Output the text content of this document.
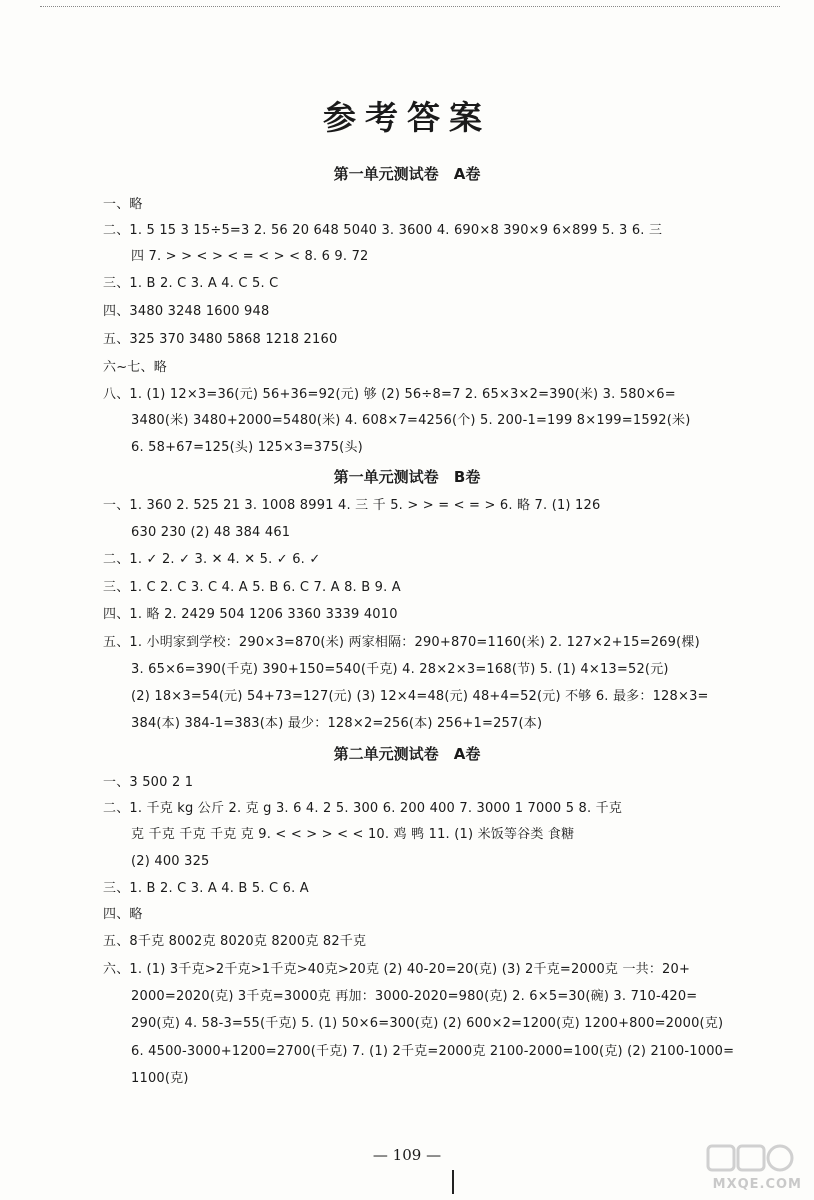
参考答案
第一单元测试卷 A卷
一、略
二、1. 5 15 3 15÷5=3 2. 56 20 648 5040 3. 3600 4. 690×8 390×9 6×899 5. 3 6. 三
四 7. > > < > < = < > < 8. 6 9. 72
三、1. B 2. C 3. A 4. C 5. C
四、3480 3248 1600 948
五、325 370 3480 5868 1218 2160
六~七、略
八、1. (1) 12×3=36(元) 56+36=92(元) 够 (2) 56÷8=7 2. 65×3×2=390(米) 3. 580×6=
3480(米) 3480+2000=5480(米) 4. 608×7=4256(个) 5. 200-1=199 8×199=1592(米)
6. 58+67=125(头) 125×3=375(头)
第一单元测试卷 B卷
一、1. 360 2. 525 21 3. 1008 8991 4. 三 千 5. > > = < = > 6. 略 7. (1) 126
630 230 (2) 48 384 461
二、1. ✓ 2. ✓ 3. ✕ 4. ✕ 5. ✓ 6. ✓
三、1. C 2. C 3. C 4. A 5. B 6. C 7. A 8. B 9. A
四、1. 略 2. 2429 504 1206 3360 3339 4010
五、1. 小明家到学校：290×3=870(米) 两家相隔：290+870=1160(米) 2. 127×2+15=269(棵)
3. 65×6=390(千克) 390+150=540(千克) 4. 28×2×3=168(节) 5. (1) 4×13=52(元)
(2) 18×3=54(元) 54+73=127(元) (3) 12×4=48(元) 48+4=52(元) 不够 6. 最多：128×3=
384(本) 384-1=383(本) 最少：128×2=256(本) 256+1=257(本)
第二单元测试卷 A卷
一、3 500 2 1
二、1. 千克 kg 公斤 2. 克 g 3. 6 4. 2 5. 300 6. 200 400 7. 3000 1 7000 5 8. 千克
克 千克 千克 千克 克 9. < < > > < < 10. 鸡 鸭 11. (1) 米饭等谷类 食糖
(2) 400 325
三、1. B 2. C 3. A 4. B 5. C 6. A
四、略
五、8千克 8002克 8020克 8200克 82千克
六、1. (1) 3千克>2千克>1千克>40克>20克 (2) 40-20=20(克) (3) 2千克=2000克 一共：20+
2000=2020(克) 3千克=3000克 再加：3000-2020=980(克) 2. 6×5=30(碗) 3. 710-420=
290(克) 4. 58-3=55(千克) 5. (1) 50×6=300(克) (2) 600×2=1200(克) 1200+800=2000(克)
6. 4500-3000+1200=2700(千克) 7. (1) 2千克=2000克 2100-2000=100(克) (2) 2100-1000=
1100(克)
— 109 —
MXQE.COM
